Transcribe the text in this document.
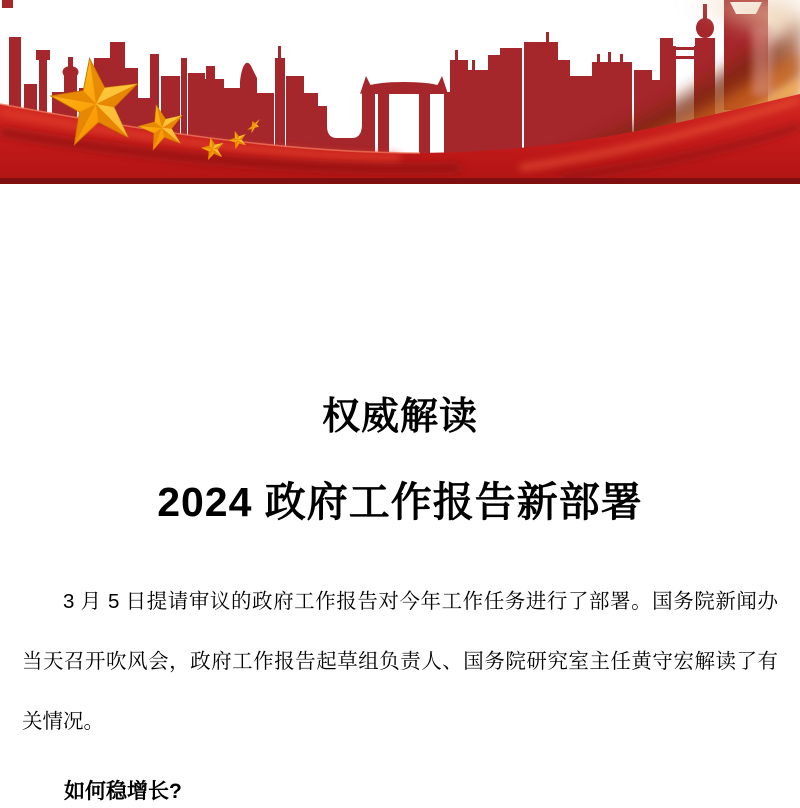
权威解读
2024 政府工作报告新部署

3 月 5 日提请审议的政府工作报告对今年工作任务进行了部署。国务院新闻办当天召开吹风会，政府工作报告起草组负责人、国务院研究室主任黄守宏解读了有关情况。

如何稳增长?
